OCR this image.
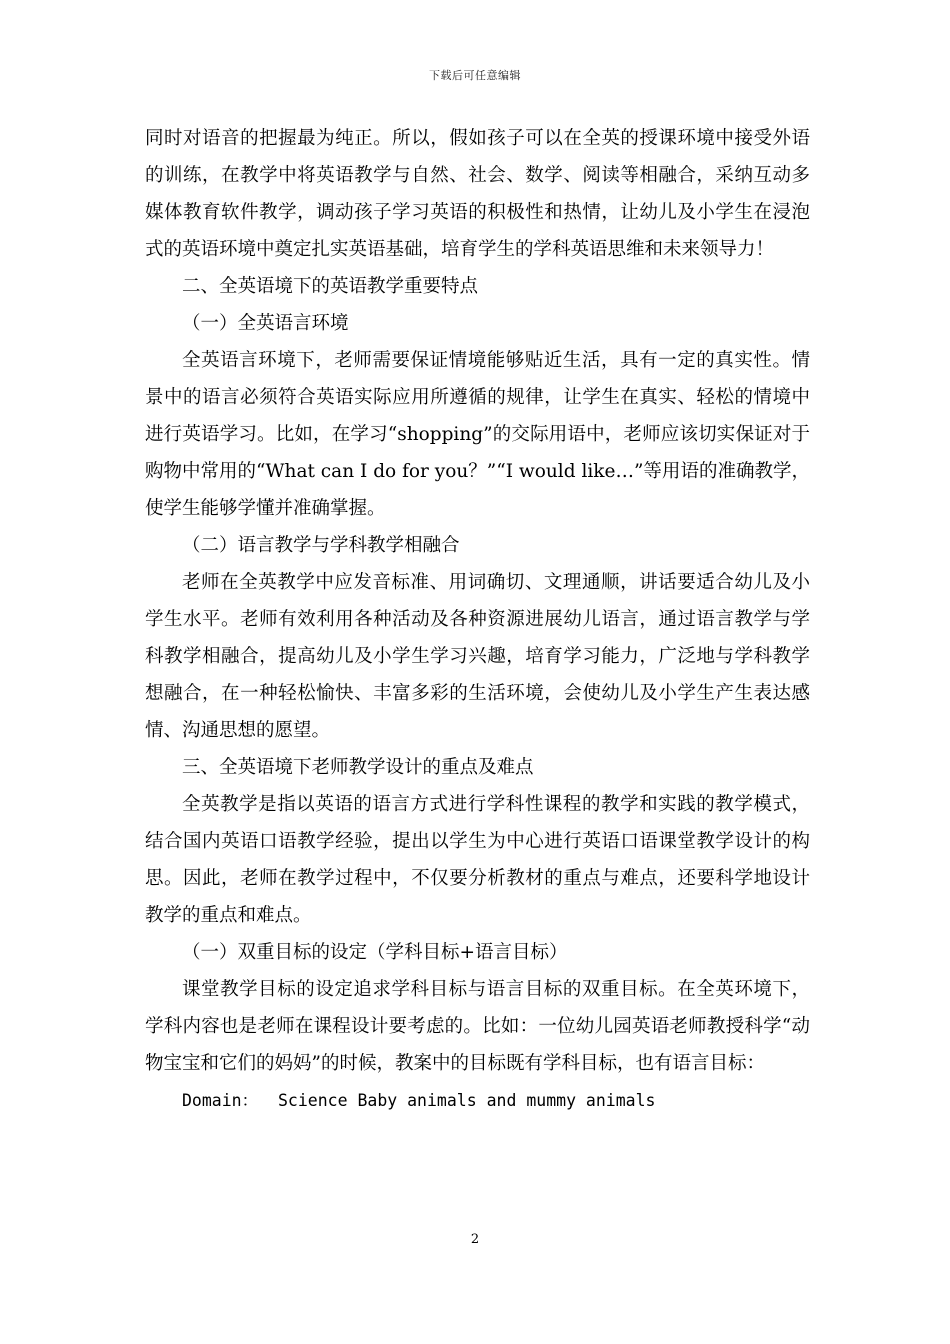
下载后可任意编辑

同时对语音的把握最为纯正。所以，假如孩子可以在全英的授课环境中接受外语的训练，在教学中将英语教学与自然、社会、数学、阅读等相融合，采纳互动多媒体教育软件教学，调动孩子学习英语的积极性和热情，让幼儿及小学生在浸泡式的英语环境中奠定扎实英语基础，培育学生的学科英语思维和未来领导力！

二、全英语境下的英语教学重要特点

（一）全英语言环境

全英语言环境下，老师需要保证情境能够贴近生活，具有一定的真实性。情景中的语言必须符合英语实际应用所遵循的规律，让学生在真实、轻松的情境中进行英语学习。比如，在学习“shopping”的交际用语中，老师应该切实保证对于购物中常用的“What can I do for you？”“I would like…”等用语的准确教学，使学生能够学懂并准确掌握。

（二）语言教学与学科教学相融合

老师在全英教学中应发音标准、用词确切、文理通顺，讲话要适合幼儿及小学生水平。老师有效利用各种活动及各种资源进展幼儿语言，通过语言教学与学科教学相融合，提高幼儿及小学生学习兴趣，培育学习能力，广泛地与学科教学想融合，在一种轻松愉快、丰富多彩的生活环境，会使幼儿及小学生产生表达感情、沟通思想的愿望。

三、全英语境下老师教学设计的重点及难点

全英教学是指以英语的语言方式进行学科性课程的教学和实践的教学模式，结合国内英语口语教学经验，提出以学生为中心进行英语口语课堂教学设计的构思。因此，老师在教学过程中，不仅要分析教材的重点与难点，还要科学地设计教学的重点和难点。

（一）双重目标的设定（学科目标+语言目标）

课堂教学目标的设定追求学科目标与语言目标的双重目标。在全英环境下，学科内容也是老师在课程设计要考虑的。比如：一位幼儿园英语老师教授科学“动物宝宝和它们的妈妈”的时候，教案中的目标既有学科目标，也有语言目标：

Domain： Science Baby animals and mummy animals

2
